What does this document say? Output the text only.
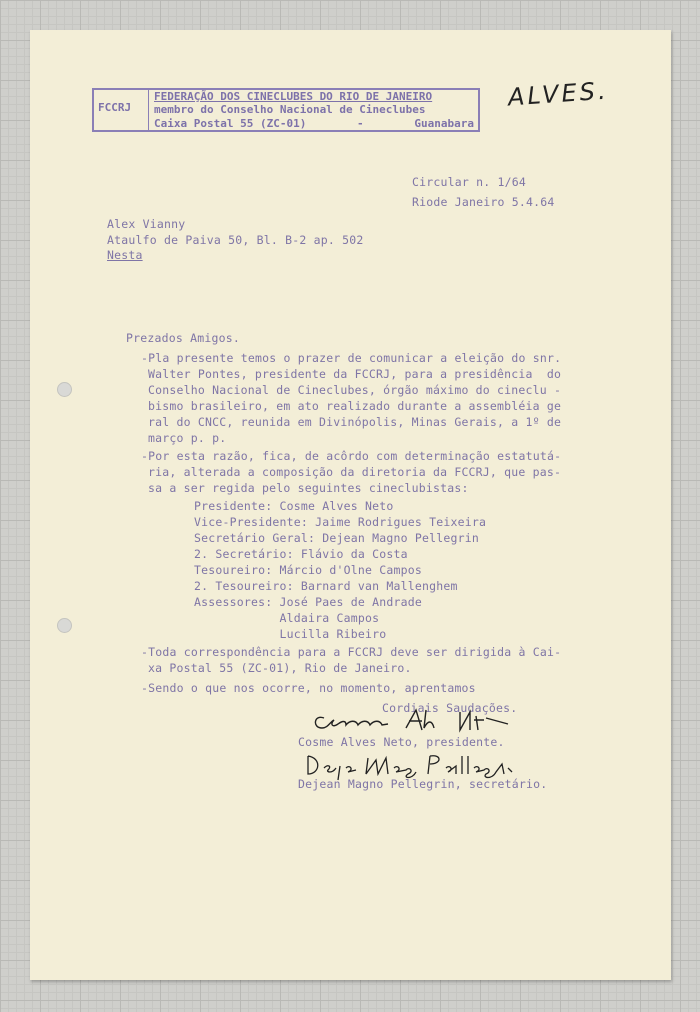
FCCRJ
FEDERAÇÃO DOS CINECLUBES DO RIO DE JANEIRO
membro do Conselho Nacional de Cineclubes
Caixa Postal 55 (ZC-01)	-	Guanabara
ALVES.
Circular n. 1/64
Riode Janeiro 5.4.64
Alex Vianny
Ataulfo de Paiva 50, Bl. B-2 ap. 502
Nesta
Prezados Amigos.
-Pla presente temos o prazer de comunicar a eleição do snr.
Walter Pontes, presidente da FCCRJ, para a presidência  do
Conselho Nacional de Cineclubes, órgão máximo do cineclu -
bismo brasileiro, em ato realizado durante a assembléia ge
ral do CNCC, reunida em Divinópolis, Minas Gerais, a 1º de
março p. p.
-Por esta razão, fica, de acôrdo com determinação estatutá-
ria, alterada a composição da diretoria da FCCRJ, que pas-
sa a ser regida pelo seguintes cineclubistas:
Presidente: Cosme Alves Neto
Vice-Presidente: Jaime Rodrigues Teixeira
Secretário Geral: Dejean Magno Pellegrin
2. Secretário: Flávio da Costa
Tesoureiro: Márcio d'Olne Campos
2. Tesoureiro: Barnard van Mallenghem
Assessores: José Paes de Andrade
Aldaira Campos
Lucilla Ribeiro
-Toda correspondência para a FCCRJ deve ser dirigida à Cai-
xa Postal 55 (ZC-01), Rio de Janeiro.
-Sendo o que nos ocorre, no momento, aprentamos
Cordiais Saudações.
Cosme Alves Neto, presidente.
Dejean Magno Pellegrin, secretário.
